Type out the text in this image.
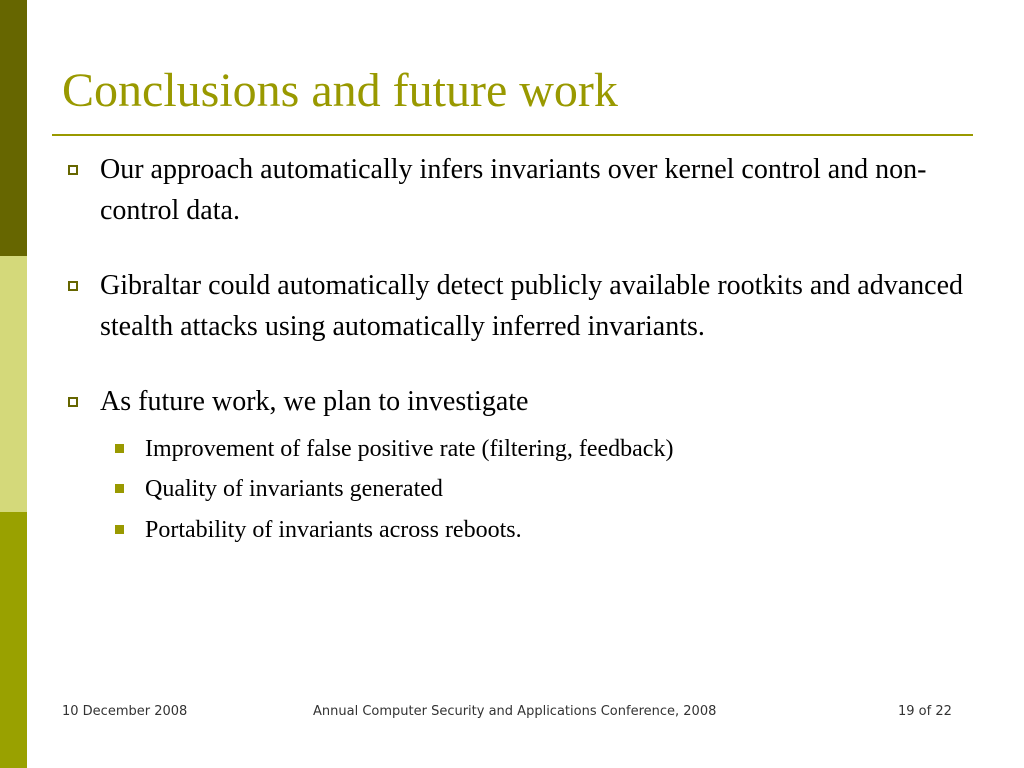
Conclusions and future work
Our approach automatically infers invariants over kernel control and non-control data.
Gibraltar could automatically detect publicly available rootkits and advanced stealth attacks using automatically inferred invariants.
As future work, we plan to investigate
Improvement of false positive rate (filtering, feedback)
Quality of invariants generated
Portability of invariants across reboots.
10 December 2008	Annual Computer Security and Applications Conference, 2008	19 of 22
